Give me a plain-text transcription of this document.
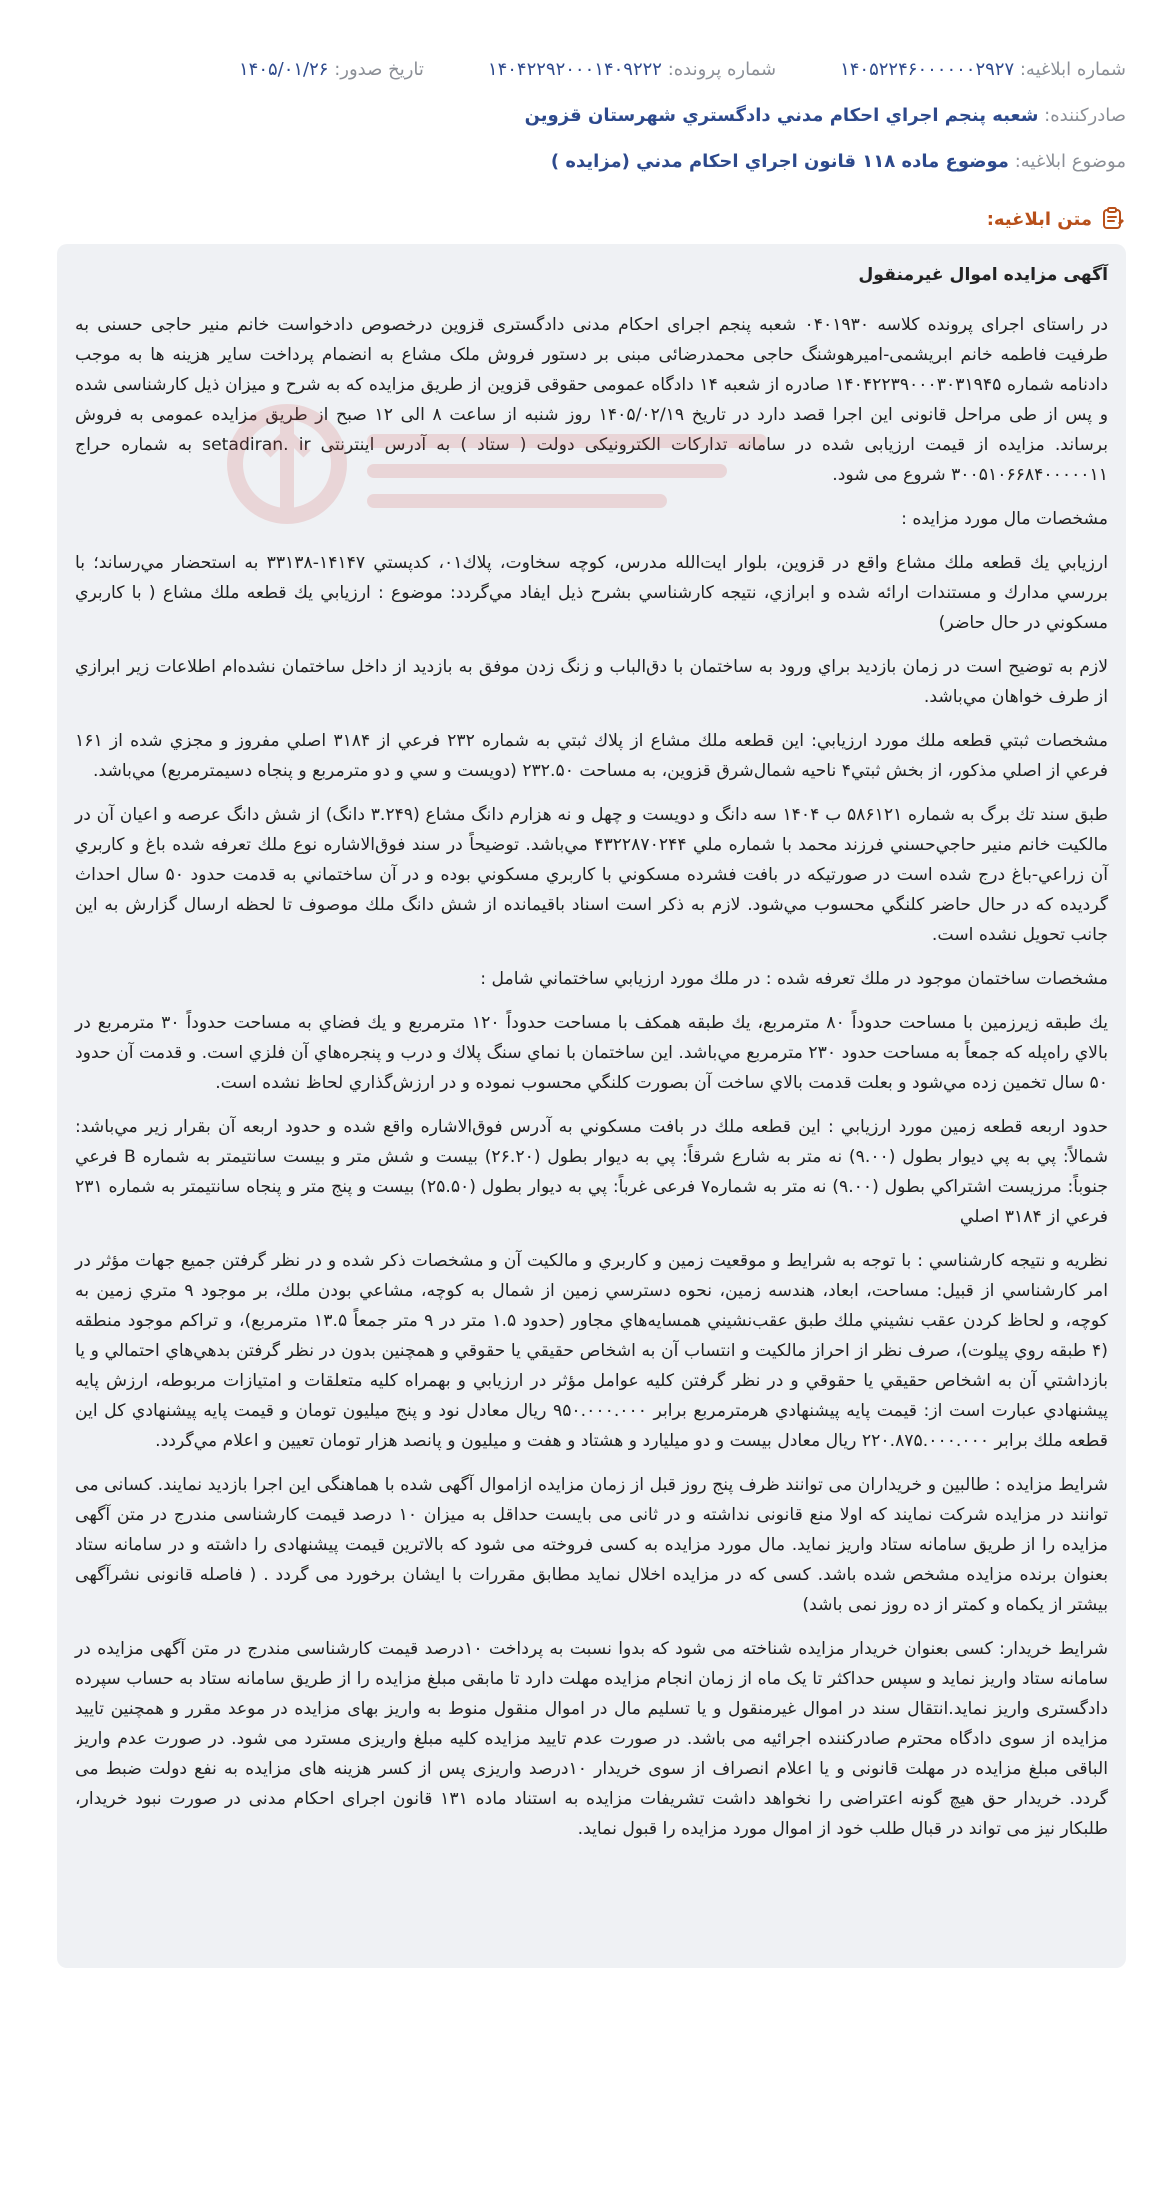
شماره ابلاغيه: ۱۴۰۵۲۲۴۶۰۰۰۰۰۰۲۹۲۷
شماره پرونده: ۱۴۰۴۲۲۹۲۰۰۰۱۴۰۹۲۲۲
تاريخ صدور: ۱۴۰۵/۰۱/۲۶
صادرکننده: شعبه پنجم اجراي احكام مدني دادگستري شهرستان قزوين
موضوع ابلاغيه: موضوع ماده ۱۱۸ قانون اجراي احكام مدني (مزايده )
متن ابلاغيه:

آگهی مزایده اموال غیرمنقول

در راستای اجرای پرونده کلاسه ۰۴۰۱۹۳۰ شعبه پنجم اجرای احکام مدنی دادگستری قزوین درخصوص دادخواست خانم منیر حاجی حسنی به طرفیت فاطمه خانم ابریشمی-امیرهوشنگ حاجی محمدرضائی مبنی بر دستور فروش ملک مشاع به انضمام پرداخت سایر هزینه ها به موجب دادنامه شماره ۱۴۰۴۲۲۳۹۰۰۰۳۰۳۱۹۴۵ صادره از شعبه ۱۴ دادگاه عمومی حقوقی قزوین از طریق مزایده که به شرح و میزان ذیل کارشناسی شده و پس از طی مراحل قانونی این اجرا قصد دارد در تاریخ ۱۴۰۵/۰۲/۱۹ روز شنبه از ساعت ۸ الی ۱۲ صبح از طریق مزایده عمومی به فروش برساند. مزایده از قیمت ارزیابی شده در سامانه تدارکات الکترونیکی دولت ( ستاد ) به آدرس اینترنتی setadiran. ir به شماره حراج ۳۰۰۵۱۰۶۶۸۴۰۰۰۰۰۱۱ شروع می شود.

مشخصات مال مورد مزایده :

ارزيابي يك قطعه ملك مشاع واقع در قزوين، بلوار ايت‌الله مدرس، كوچه سخاوت، پلاك۰۱، كدپستي ۱۴۱۴۷-۳۳۱۳۸ به استحضار مي‌رساند؛ با بررسي مدارك و مستندات ارائه شده و ابرازي، نتيجه كارشناسي بشرح ذيل ايفاد مي‌گردد: موضوع : ارزيابي يك قطعه ملك مشاع ( با كاربري مسكوني در حال حاضر)

لازم به توضيح است در زمان بازديد براي ورود به ساختمان با دق‌الباب و زنگ زدن موفق به بازديد از داخل ساختمان نشده‌ام اطلاعات زير ابرازي از طرف خواهان مي‌باشد.

مشخصات ثبتي قطعه ملك مورد ارزيابي: اين قطعه ملك مشاع از پلاك ثبتي به شماره ۲۳۲ فرعي از ۳۱۸۴ اصلي مفروز و مجزي شده از ۱۶۱ فرعي از اصلي مذكور، از بخش ثبتي۴ ناحيه شمال‌شرق قزوين، به مساحت ۲۳۲.۵۰ (دويست و سي و دو مترمربع و پنجاه دسيمترمربع) مي‌باشد.

طبق سند تك برگ به شماره ۵۸۶۱۲۱ ب ۱۴۰۴ سه دانگ و دويست و چهل و نه هزارم دانگ مشاع (۳.۲۴۹ دانگ) از شش دانگ عرصه و اعيان آن در مالكيت خانم منير حاجي‌حسني فرزند محمد با شماره ملي ۴۳۲۲۸۷۰۲۴۴ مي‌باشد. توضيحاً در سند فوق‌الاشاره نوع ملك تعرفه شده باغ و كاربري آن زراعي-باغ درج شده است در صورتيكه در بافت فشرده مسكوني با كاربري مسكوني بوده و در آن ساختماني به قدمت حدود ۵۰ سال احداث گرديده كه در حال حاضر كلنگي محسوب مي‌شود. لازم به ذكر است اسناد باقيمانده از شش دانگ ملك موصوف تا لحظه ارسال گزارش به اين جانب تحويل نشده است.

مشخصات ساختمان موجود در ملك تعرفه شده : در ملك مورد ارزيابي ساختماني شامل :

يك طبقه زيرزمين با مساحت حدوداً ۸۰ مترمربع، يك طبقه همكف با مساحت حدوداً ۱۲۰ مترمربع و يك فضاي به مساحت حدوداً ۳۰ مترمربع در بالاي راه‌پله كه جمعاً به مساحت حدود ۲۳۰ مترمربع مي‌باشد. اين ساختمان با نماي سنگ پلاك و درب و پنجره‌هاي آن فلزي است. و قدمت آن حدود ۵۰ سال تخمين زده مي‌شود و بعلت قدمت بالاي ساخت آن بصورت كلنگي محسوب نموده و در ارزش‌گذاري لحاظ نشده است.

حدود اربعه قطعه زمين مورد ارزيابي : اين قطعه ملك در بافت مسكوني به آدرس فوق‌الاشاره واقع شده و حدود اربعه آن بقرار زير مي‌باشد: شمالاً: پي به پي ديوار بطول (۹.۰۰) نه متر به شارع شرقاً: پي به ديوار بطول (۲۶.۲۰) بيست و شش متر و بيست سانتيمتر به شماره B فرعي جنوباً: مرزيست اشتراكي بطول (۹.۰۰) نه متر به شماره۷ فرعی غرباً: پي به ديوار بطول (۲۵.۵۰) بيست و پنج متر و پنجاه سانتيمتر به شماره ۲۳۱ فرعي از ۳۱۸۴ اصلي

نظريه و نتيجه كارشناسي : با توجه به شرايط و موقعيت زمين و كاربري و مالكيت آن و مشخصات ذكر شده و در نظر گرفتن جميع جهات مؤثر در امر كارشناسي از قبيل: مساحت، ابعاد، هندسه زمين، نحوه دسترسي زمين از شمال به كوچه، مشاعي بودن ملك، بر موجود ۹ متري زمين به كوچه، و لحاظ كردن عقب نشيني ملك طبق عقب‌نشيني همسايه‌هاي مجاور (حدود ۱.۵ متر در ۹ متر جمعاً ۱۳.۵ مترمربع)، و تراكم موجود منطقه (۴ طبقه روي پيلوت)، صرف نظر از احراز مالكيت و انتساب آن به اشخاص حقيقي يا حقوقي و همچنين بدون در نظر گرفتن بدهي‌هاي احتمالي و يا بازداشتي آن به اشخاص حقيقي يا حقوقي و در نظر گرفتن كليه عوامل مؤثر در ارزيابي و بهمراه كليه متعلقات و امتيازات مربوطه، ارزش پايه پيشنهادي عبارت است از: قيمت پايه پيشنهادي هرمترمربع برابر ۹۵۰.۰۰۰.۰۰۰ ريال معادل نود و پنج ميليون تومان و قيمت پايه پيشنهادي كل اين قطعه ملك برابر ۲۲۰.۸۷۵.۰۰۰.۰۰۰ ريال معادل بيست و دو ميليارد و هشتاد و هفت و ميليون و پانصد هزار تومان تعيين و اعلام مي‌گردد.

شرایط مزایده : طالبین و خریداران می توانند ظرف پنج روز قبل از زمان مزایده ازاموال آگهی شده با هماهنگی این اجرا بازدید نمایند. کسانی می توانند در مزایده شرکت نمایند که اولا منع قانونی نداشته و در ثانی می بایست حداقل به میزان ۱۰ درصد قیمت کارشناسی مندرج در متن آگهی مزایده را از طریق سامانه ستاد واریز نماید. مال مورد مزایده به کسی فروخته می شود که بالاترین قیمت پیشنهادی را داشته و در سامانه ستاد بعنوان برنده مزایده مشخص شده باشد. کسی که در مزایده اخلال نماید مطابق مقررات با ایشان برخورد می گردد . ( فاصله قانونی نشرآگهی بیشتر از یکماه و کمتر از ده روز نمی باشد)

شرایط خریدار: کسی بعنوان خریدار مزایده شناخته می شود که بدوا نسبت به پرداخت ۱۰درصد قیمت کارشناسی مندرج در متن آگهی مزایده در سامانه ستاد واریز نماید و سپس حداکثر تا یک ماه از زمان انجام مزایده مهلت دارد تا مابقی مبلغ مزایده را از طریق سامانه ستاد به حساب سپرده دادگستری واریز نماید.انتقال سند در اموال غیرمنقول و یا تسلیم مال در اموال منقول منوط به واریز بهای مزایده در موعد مقرر و همچنین تایید مزایده از سوی دادگاه محترم صادرکننده اجرائیه می باشد. در صورت عدم تایید مزایده کلیه مبلغ واریزی مسترد می شود. در صورت عدم واریز الباقی مبلغ مزایده در مهلت قانونی و یا اعلام انصراف از سوی خریدار ۱۰درصد واریزی پس از کسر هزینه های مزایده به نفع دولت ضبط می گردد. خریدار حق هیچ گونه اعتراضی را نخواهد داشت تشریفات مزایده به استناد ماده ۱۳۱ قانون اجرای احکام مدنی در صورت نبود خریدار، طلبکار نیز می تواند در قبال طلب خود از اموال مورد مزایده را قبول نماید.
